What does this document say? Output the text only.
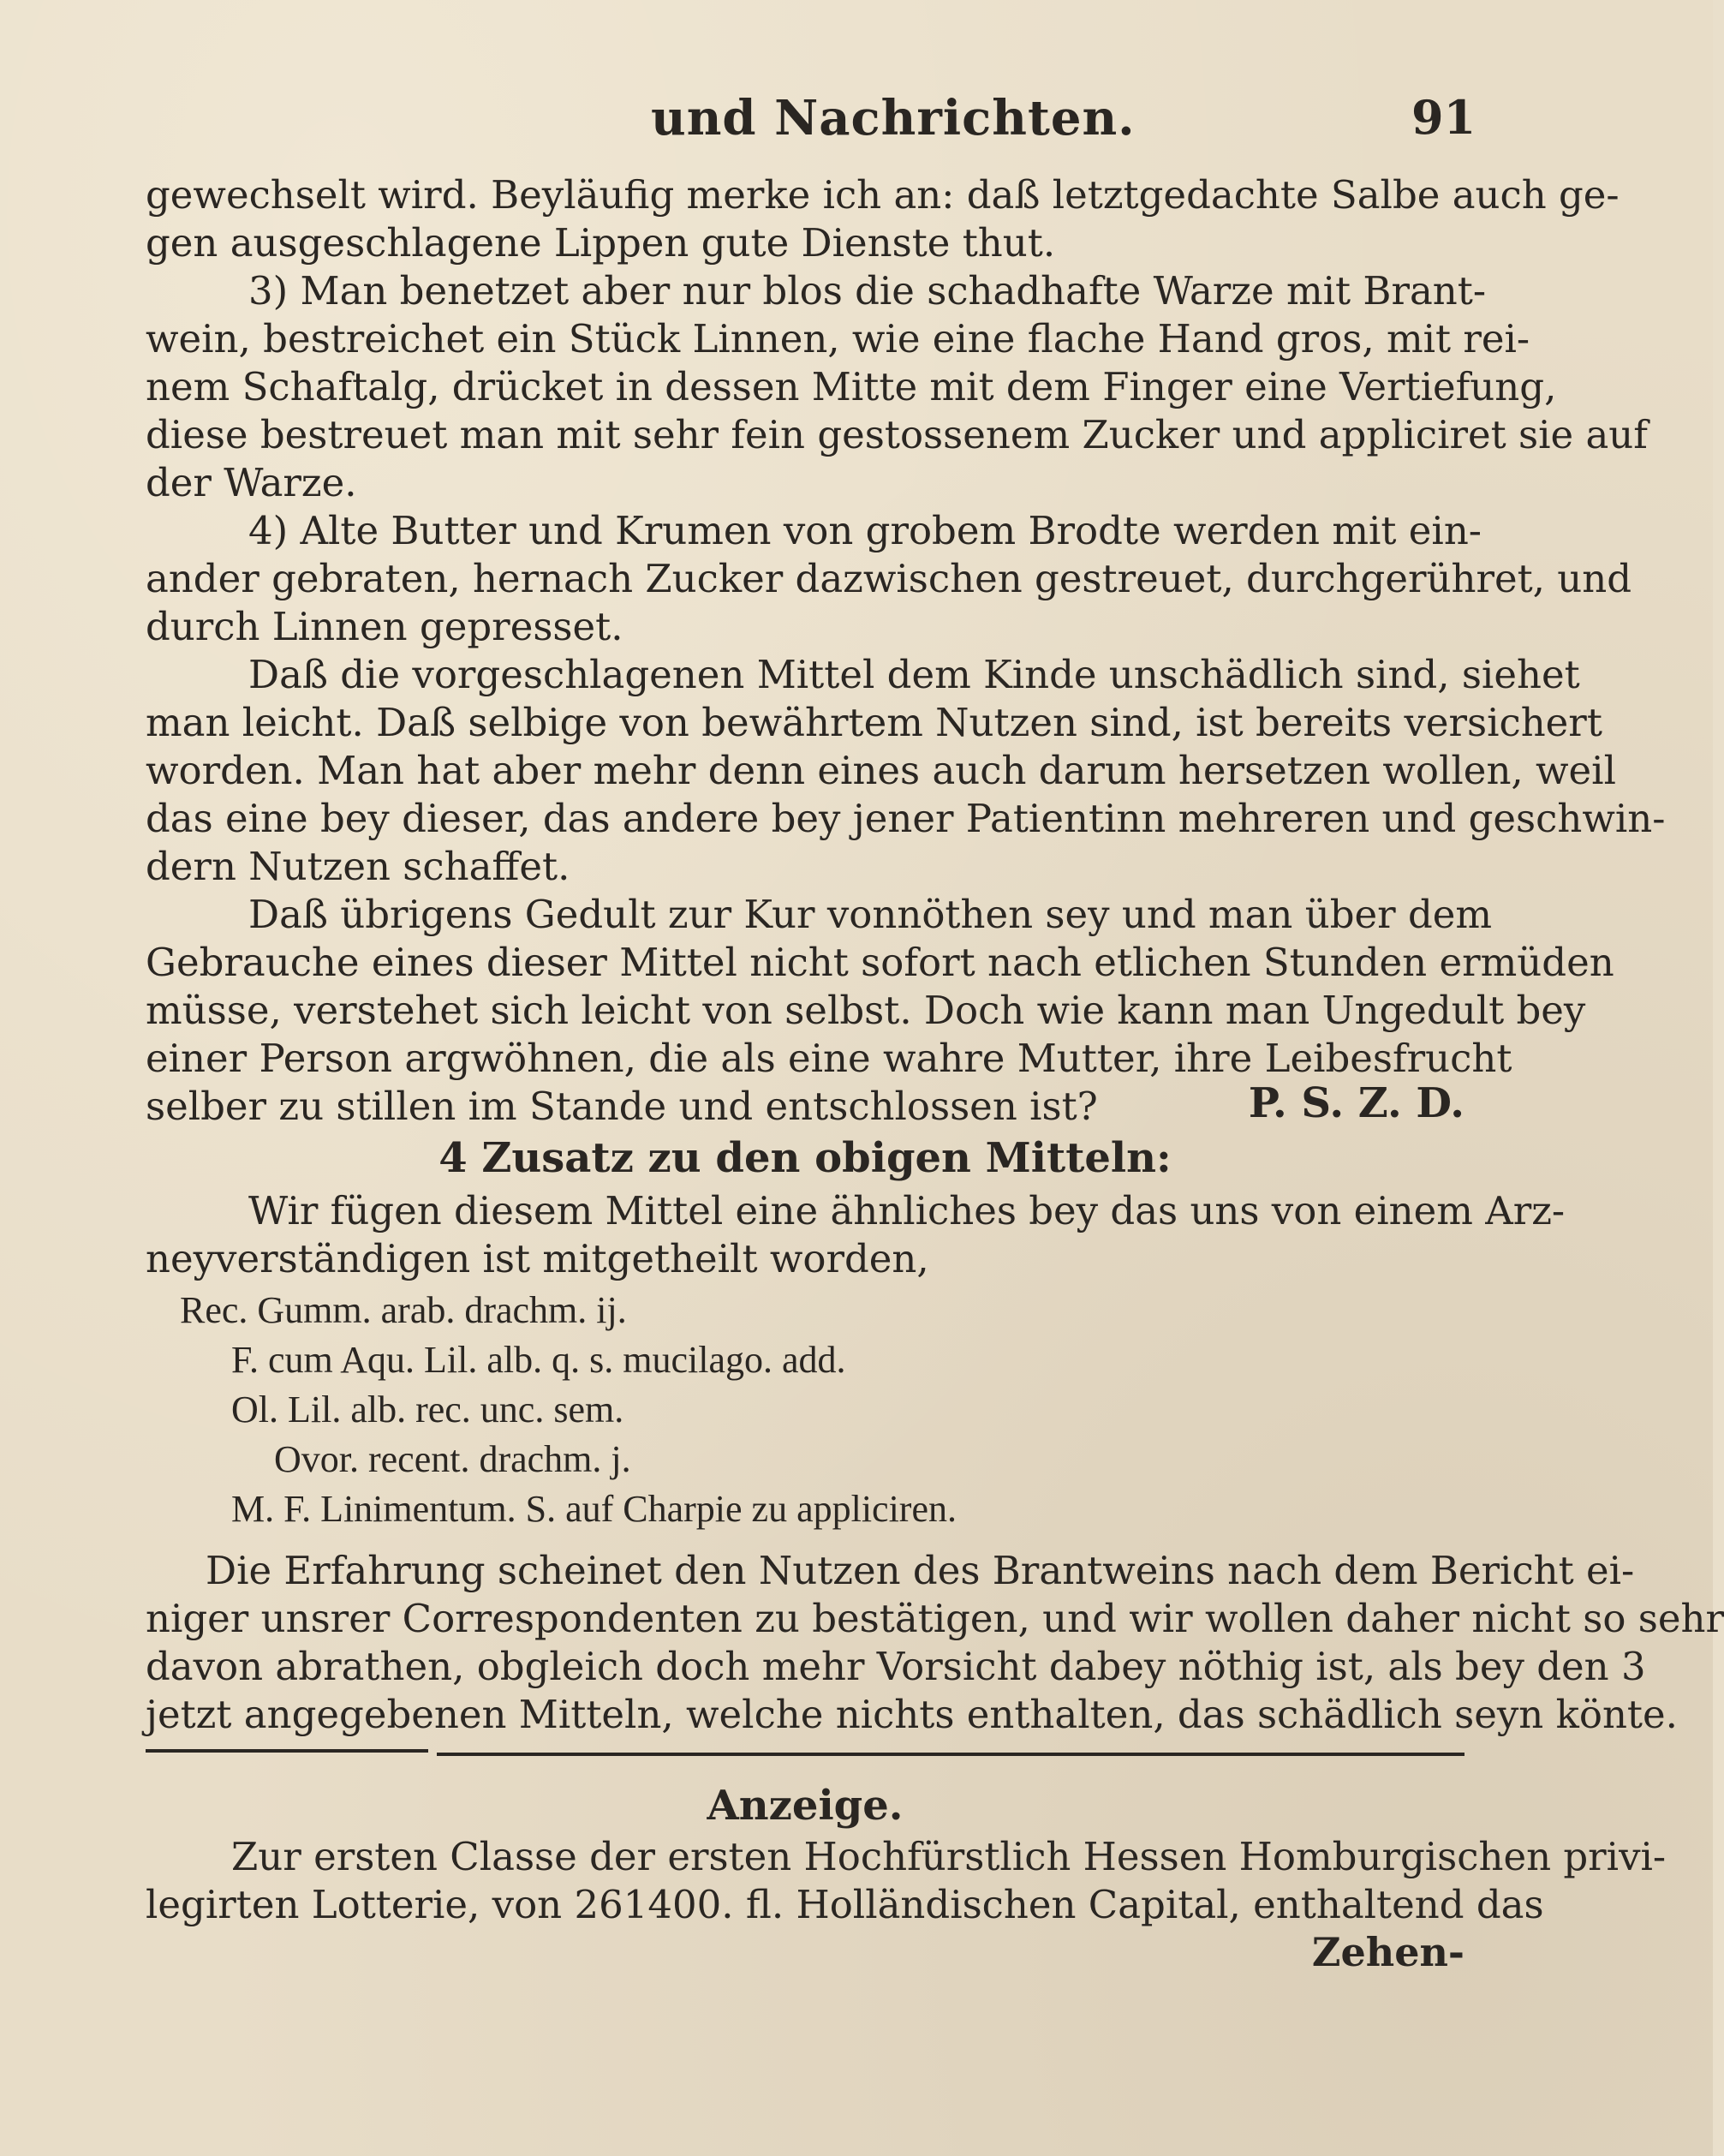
und Nachrichten.	91
gewechselt wird. Beyläufig merke ich an: daß letztgedachte Salbe auch ge-
gen ausgeschlagene Lippen gute Dienste thut.
3) Man benetzet aber nur blos die schadhafte Warze mit Brant-
wein, bestreichet ein Stück Linnen, wie eine flache Hand gros, mit rei-
nem Schaftalg, drücket in dessen Mitte mit dem Finger eine Vertiefung,
diese bestreuet man mit sehr fein gestossenem Zucker und appliciret sie auf
der Warze.
4) Alte Butter und Krumen von grobem Brodte werden mit ein-
ander gebraten, hernach Zucker dazwischen gestreuet, durchgerühret, und
durch Linnen gepresset.
Daß die vorgeschlagenen Mittel dem Kinde unschädlich sind, siehet
man leicht. Daß selbige von bewährtem Nutzen sind, ist bereits versichert
worden. Man hat aber mehr denn eines auch darum hersetzen wollen, weil
das eine bey dieser, das andere bey jener Patientinn mehreren und geschwin-
dern Nutzen schaffet.
Daß übrigens Gedult zur Kur vonnöthen sey und man über dem
Gebrauche eines dieser Mittel nicht sofort nach etlichen Stunden ermüden
müsse, verstehet sich leicht von selbst. Doch wie kann man Ungedult bey
einer Person argwöhnen, die als eine wahre Mutter, ihre Leibesfrucht
selber zu stillen im Stande und entschlossen ist?	P. S. Z. D.
4 Zusatz zu den obigen Mitteln:
Wir fügen diesem Mittel eine ähnliches bey das uns von einem Arz-
neyverständigen ist mitgetheilt worden,
Rec. Gumm. arab. drachm. ij.
F. cum Aqu. Lil. alb. q. s. mucilago. add.
Ol. Lil. alb. rec. unc. sem.
Ovor. recent. drachm. j.
M. F. Linimentum. S. auf Charpie zu appliciren.
Die Erfahrung scheinet den Nutzen des Brantweins nach dem Bericht ei-
niger unsrer Correspondenten zu bestätigen, und wir wollen daher nicht so sehr
davon abrathen, obgleich doch mehr Vorsicht dabey nöthig ist, als bey den 3
jetzt angegebenen Mitteln, welche nichts enthalten, das schädlich seyn könte.
Anzeige.
Zur ersten Classe der ersten Hochfürstlich Hessen Homburgischen privi-
legirten Lotterie, von 261400. fl. Holländischen Capital, enthaltend das
Zehen-
